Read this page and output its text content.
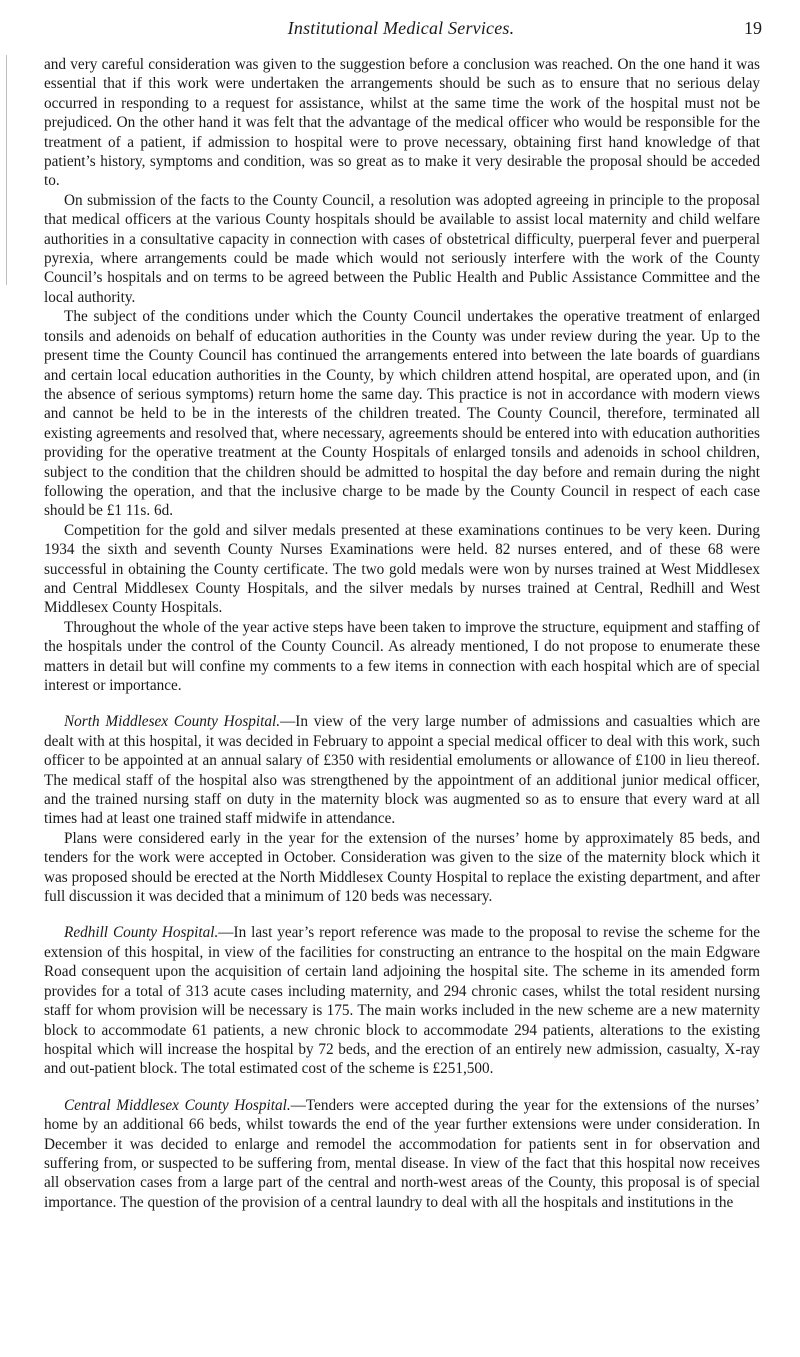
Institutional Medical Services.	19

and very careful consideration was given to the suggestion before a conclusion was reached. On the one hand it was essential that if this work were undertaken the arrangements should be such as to ensure that no serious delay occurred in responding to a request for assistance, whilst at the same time the work of the hospital must not be prejudiced. On the other hand it was felt that the advantage of the medical officer who would be responsible for the treatment of a patient, if admission to hospital were to prove necessary, obtaining first hand knowledge of that patient’s history, symptoms and condition, was so great as to make it very desirable the proposal should be acceded to.

On submission of the facts to the County Council, a resolution was adopted agreeing in principle to the proposal that medical officers at the various County hospitals should be available to assist local maternity and child welfare authorities in a consultative capacity in connection with cases of obstetrical difficulty, puerperal fever and puerperal pyrexia, where arrangements could be made which would not seriously interfere with the work of the County Council’s hospitals and on terms to be agreed between the Public Health and Public Assistance Committee and the local authority.

The subject of the conditions under which the County Council undertakes the operative treatment of enlarged tonsils and adenoids on behalf of education authorities in the County was under review during the year. Up to the present time the County Council has continued the arrangements entered into between the late boards of guardians and certain local education authorities in the County, by which children attend hospital, are operated upon, and (in the absence of serious symptoms) return home the same day. This practice is not in accordance with modern views and cannot be held to be in the interests of the children treated. The County Council, therefore, terminated all existing agreements and resolved that, where necessary, agreements should be entered into with education authorities providing for the operative treatment at the County Hospitals of enlarged tonsils and adenoids in school children, subject to the condition that the children should be admitted to hospital the day before and remain during the night following the operation, and that the inclusive charge to be made by the County Council in respect of each case should be £1 11s. 6d.

Competition for the gold and silver medals presented at these examinations continues to be very keen. During 1934 the sixth and seventh County Nurses Examinations were held. 82 nurses entered, and of these 68 were successful in obtaining the County certificate. The two gold medals were won by nurses trained at West Middlesex and Central Middlesex County Hospitals, and the silver medals by nurses trained at Central, Redhill and West Middlesex County Hospitals.

Throughout the whole of the year active steps have been taken to improve the structure, equipment and staffing of the hospitals under the control of the County Council. As already mentioned, I do not propose to enumerate these matters in detail but will confine my comments to a few items in connection with each hospital which are of special interest or importance.

North Middlesex County Hospital.—In view of the very large number of admissions and casualties which are dealt with at this hospital, it was decided in February to appoint a special medical officer to deal with this work, such officer to be appointed at an annual salary of £350 with residential emoluments or allowance of £100 in lieu thereof. The medical staff of the hospital also was strengthened by the appointment of an additional junior medical officer, and the trained nursing staff on duty in the maternity block was augmented so as to ensure that every ward at all times had at least one trained staff midwife in attendance.

Plans were considered early in the year for the extension of the nurses’ home by approximately 85 beds, and tenders for the work were accepted in October. Consideration was given to the size of the maternity block which it was proposed should be erected at the North Middlesex County Hospital to replace the existing department, and after full discussion it was decided that a minimum of 120 beds was necessary.

Redhill County Hospital.—In last year’s report reference was made to the proposal to revise the scheme for the extension of this hospital, in view of the facilities for constructing an entrance to the hospital on the main Edgware Road consequent upon the acquisition of certain land adjoining the hospital site. The scheme in its amended form provides for a total of 313 acute cases including maternity, and 294 chronic cases, whilst the total resident nursing staff for whom provision will be necessary is 175. The main works included in the new scheme are a new maternity block to accommodate 61 patients, a new chronic block to accommodate 294 patients, alterations to the existing hospital which will increase the hospital by 72 beds, and the erection of an entirely new admission, casualty, X-ray and out-patient block. The total estimated cost of the scheme is £251,500.

Central Middlesex County Hospital.—Tenders were accepted during the year for the extensions of the nurses’ home by an additional 66 beds, whilst towards the end of the year further extensions were under consideration. In December it was decided to enlarge and remodel the accommodation for patients sent in for observation and suffering from, or suspected to be suffering from, mental disease. In view of the fact that this hospital now receives all observation cases from a large part of the central and north-west areas of the County, this proposal is of special importance. The question of the provision of a central laundry to deal with all the hospitals and institutions in the
